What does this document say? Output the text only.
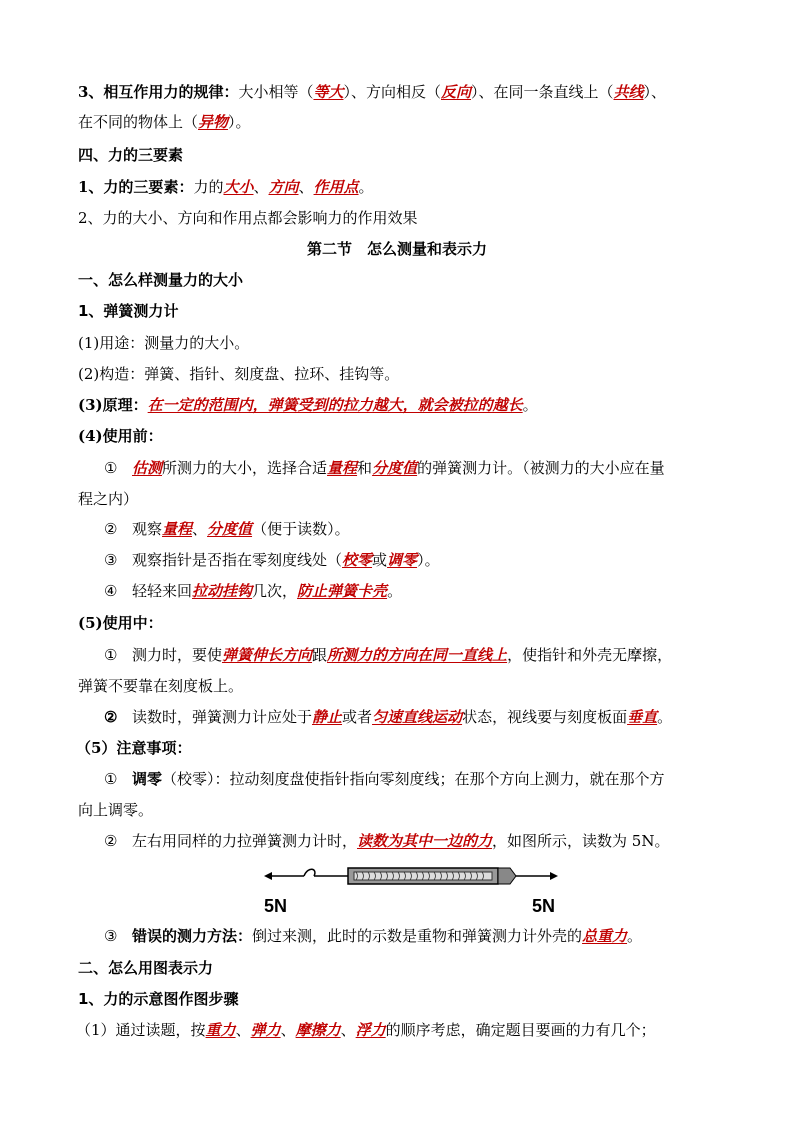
3、相互作用力的规律：大小相等（等大）、方向相反（反向）、在同一条直线上（共线）、
在不同的物体上（异物）。
四、力的三要素
1、力的三要素：力的大小、方向、作用点。
2、力的大小、方向和作用点都会影响力的作用效果
第二节　怎么测量和表示力
一、怎么样测量力的大小
1、弹簧测力计
(1)用途：测量力的大小。
(2)构造：弹簧、指针、刻度盘、拉环、挂钩等。
(3)原理：在一定的范围内，弹簧受到的拉力越大，就会被拉的越长。
(4)使用前：
① 估测所测力的大小，选择合适量程和分度值的弹簧测力计。（被测力的大小应在量
程之内）
② 观察量程、分度值（便于读数）。
③ 观察指针是否指在零刻度线处（校零或调零）。
④ 轻轻来回拉动挂钩几次，防止弹簧卡壳。
(5)使用中：
① 测力时，要使弹簧伸长方向跟所测力的方向在同一直线上，使指针和外壳无摩擦，
弹簧不要靠在刻度板上。
② 读数时，弹簧测力计应处于静止或者匀速直线运动状态，视线要与刻度板面垂直。
（5）注意事项：
① 调零（校零）：拉动刻度盘使指针指向零刻度线；在那个方向上测力，就在那个方
向上调零。
② 左右用同样的力拉弹簧测力计时，读数为其中一边的力，如图所示，读数为 5N。
5N	5N
③ 错误的测力方法：倒过来测，此时的示数是重物和弹簧测力计外壳的总重力。
二、怎么用图表示力
1、力的示意图作图步骤
（1）通过读题，按重力、弹力、摩擦力、浮力的顺序考虑，确定题目要画的力有几个；
